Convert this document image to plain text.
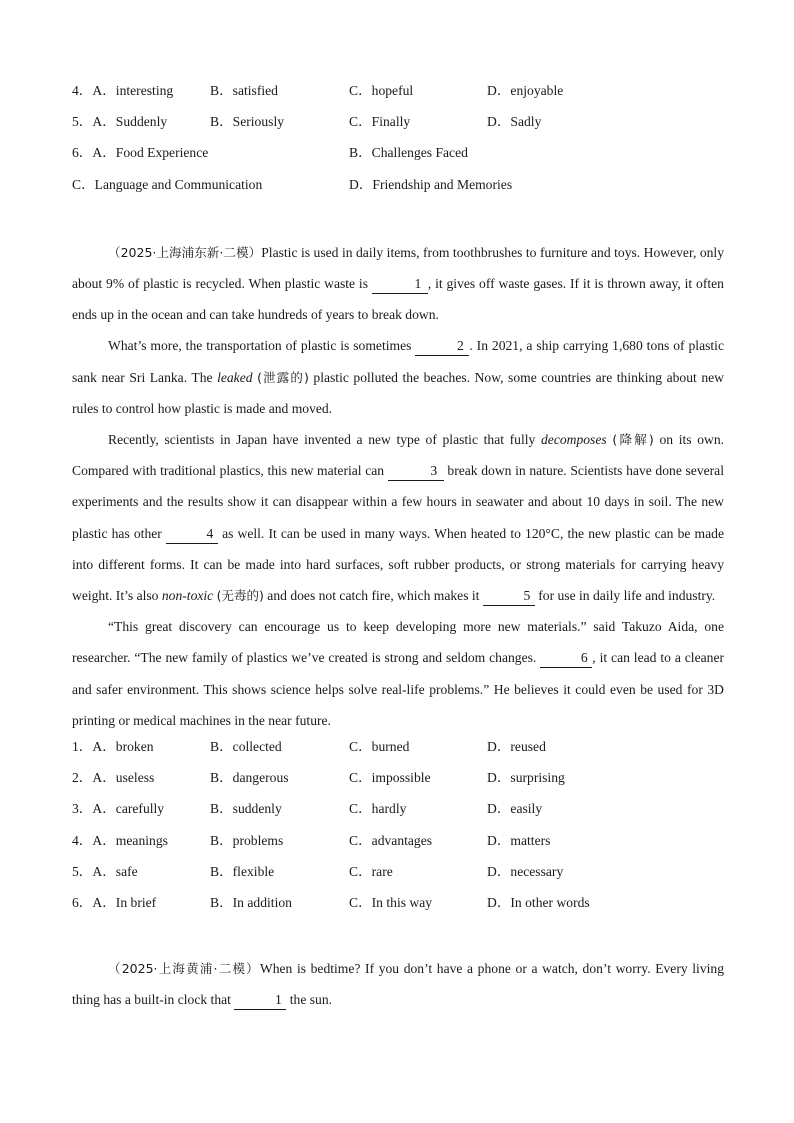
4．A．interesting	B．satisfied	C．hopeful	D．enjoyable
5．A．Suddenly	B．Seriously	C．Finally	D．Sadly
6．A．Food Experience	B．Challenges Faced
C．Language and Communication	D．Friendship and Memories
（2025·上海浦东新·二模）Plastic is used in daily items, from toothbrushes to furniture and toys. However, only about 9% of plastic is recycled. When plastic waste is	1 , it gives off waste gases. If it is thrown away, it often ends up in the ocean and can take hundreds of years to break down.
What’s more, the transportation of plastic is sometimes	2 . In 2021, a ship carrying 1,680 tons of plastic sank near Sri Lanka. The leaked (泄露的) plastic polluted the beaches. Now, some countries are thinking about new rules to control how plastic is made and moved.
Recently, scientists in Japan have invented a new type of plastic that fully decomposes (降解) on its own. Compared with traditional plastics, this new material can	3 break down in nature. Scientists have done several experiments and the results show it can disappear within a few hours in seawater and about 10 days in soil. The new plastic has other	4 as well. It can be used in many ways. When heated to 120°C, the new plastic can be made into different forms. It can be made into hard surfaces, soft rubber products, or strong materials for carrying heavy weight. It’s also non-toxic (无毒的) and does not catch fire, which makes it	5 for use in daily life and industry.
“This great discovery can encourage us to keep developing more new materials.” said Takuzo Aida, one researcher. “The new family of plastics we’ve created is strong and seldom changes.	6 , it can lead to a cleaner and safer environment. This shows science helps solve real-life problems.” He believes it could even be used for 3D printing or medical machines in the near future.
1．A．broken	B．collected	C．burned	D．reused
2．A．useless	B．dangerous	C．impossible	D．surprising
3．A．carefully	B．suddenly	C．hardly	D．easily
4．A．meanings	B．problems	C．advantages	D．matters
5．A．safe	B．flexible	C．rare	D．necessary
6．A．In brief	B．In addition	C．In this way	D．In other words
（2025·上海黄浦·二模）When is bedtime? If you don’t have a phone or a watch, don’t worry. Every living thing has a built-in clock that	1 the sun.
